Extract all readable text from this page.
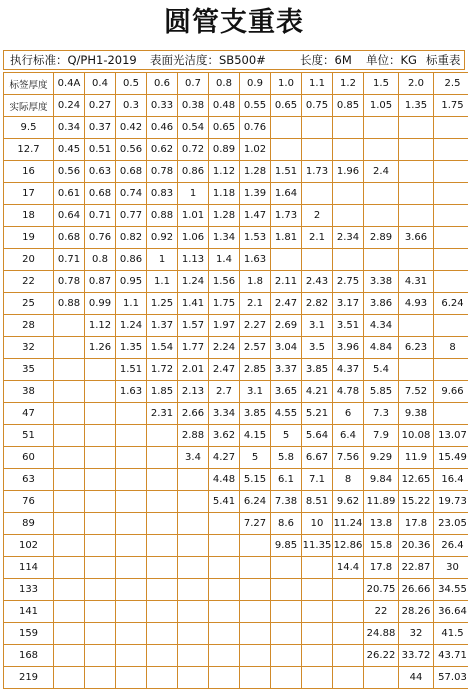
圆管支重表
执行标准：Q/PH1-2019 表面光洁度：SB500#	长度：6M 单位：KG 标重表
标签厚度	0.4A	0.4	0.5	0.6	0.7	0.8	0.9	1.0	1.1	1.2	1.5	2.0	2.5
实际厚度	0.24	0.27	0.3	0.33	0.38	0.48	0.55	0.65	0.75	0.85	1.05	1.35	1.75
9.5	0.34	0.37	0.42	0.46	0.54	0.65	0.76						
12.7	0.45	0.51	0.56	0.62	0.72	0.89	1.02						
16	0.56	0.63	0.68	0.78	0.86	1.12	1.28	1.51	1.73	1.96	2.4		
17	0.61	0.68	0.74	0.83	1	1.18	1.39	1.64					
18	0.64	0.71	0.77	0.88	1.01	1.28	1.47	1.73	2				
19	0.68	0.76	0.82	0.92	1.06	1.34	1.53	1.81	2.1	2.34	2.89	3.66	
20	0.71	0.8	0.86	1	1.13	1.4	1.63						
22	0.78	0.87	0.95	1.1	1.24	1.56	1.8	2.11	2.43	2.75	3.38	4.31	
25	0.88	0.99	1.1	1.25	1.41	1.75	2.1	2.47	2.82	3.17	3.86	4.93	6.24
28		1.12	1.24	1.37	1.57	1.97	2.27	2.69	3.1	3.51	4.34		
32		1.26	1.35	1.54	1.77	2.24	2.57	3.04	3.5	3.96	4.84	6.23	8
35			1.51	1.72	2.01	2.47	2.85	3.37	3.85	4.37	5.4		
38			1.63	1.85	2.13	2.7	3.1	3.65	4.21	4.78	5.85	7.52	9.66
47				2.31	2.66	3.34	3.85	4.55	5.21	6	7.3	9.38	
51					2.88	3.62	4.15	5	5.64	6.4	7.9	10.08	13.07
60					3.4	4.27	5	5.8	6.67	7.56	9.29	11.9	15.49
63						4.48	5.15	6.1	7.1	8	9.84	12.65	16.4
76						5.41	6.24	7.38	8.51	9.62	11.89	15.22	19.73
89							7.27	8.6	10	11.24	13.8	17.8	23.05
102								9.85	11.35	12.86	15.8	20.36	26.4
114										14.4	17.8	22.87	30
133											20.75	26.66	34.55
141											22	28.26	36.64
159											24.88	32	41.5
168											26.22	33.72	43.71
219												44	57.03
